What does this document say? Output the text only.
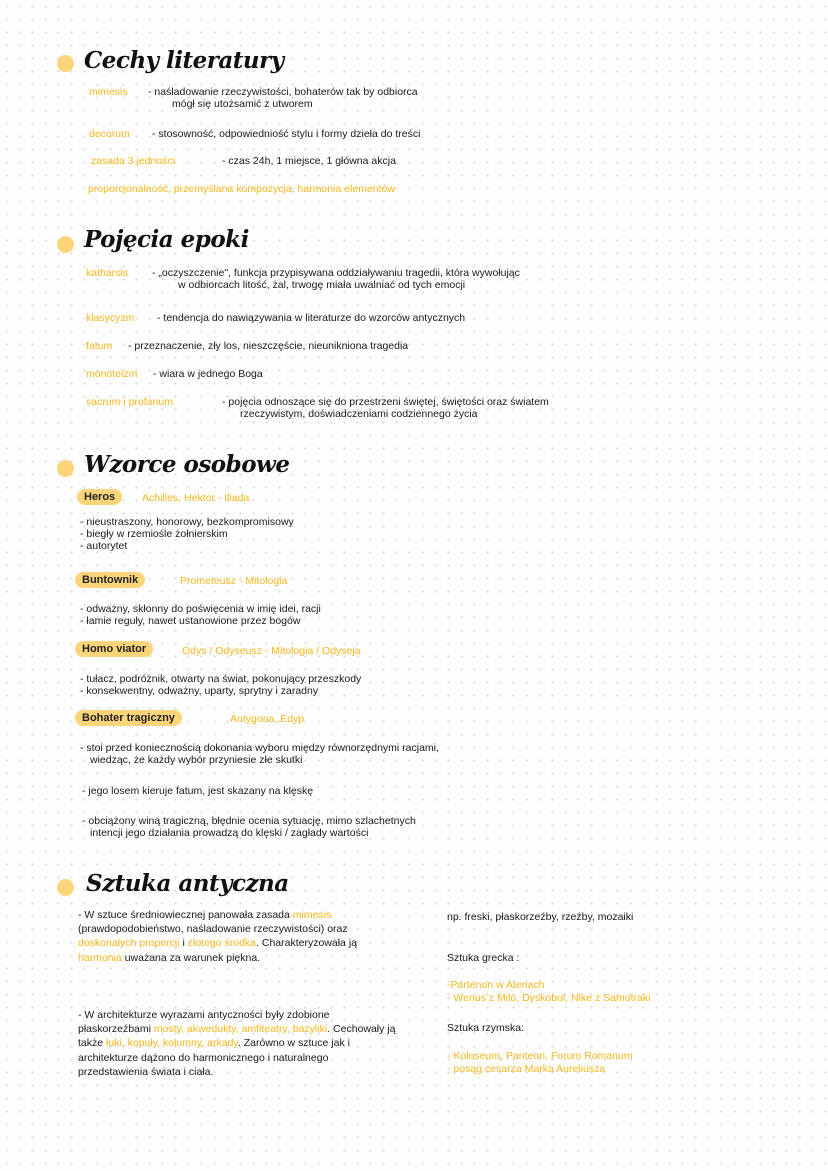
Cechy literatury
mimesis - naśladowanie rzeczywistości, bohaterów tak by odbiorca
mógł się utożsamić z utworem
decorum - stosowność, odpowiedniość stylu i formy dzieła do treści
zasada 3 jedności	- czas 24h, 1 miejsce, 1 główna akcja
proporcjonalność, przemyślana kompozycja, harmonia elementów
Pojęcia epoki
katharsis - „oczyszczenie", funkcja przypisywana oddziaływaniu tragedii, która wywołując
w odbiorcach litość, żal, trwogę miała uwalniać od tych emocji
klasycyzm - tendencja do nawiązywania w literaturze do wzorców antycznych
fatum - przeznaczenie, zły los, nieszczęście, nieunikniona tragedia
monoteizm - wiara w jednego Boga
sacrum i profanum	- pojęcia odnoszące się do przestrzeni świętej, świętości oraz światem
rzeczywistym, doświadczeniami codziennego życia
Wzorce osobowe
Heros	Achilles, Hektor - Iliada
- nieustraszony, honorowy, bezkompromisowy
- biegły w rzemiośle żołnierskim
- autorytet
Buntownik	Prometeusz - Mitologia
- odważny, skłonny do poświęcenia w imię idei, racji
- łamie reguły, nawet ustanowione przez bogów
Homo viator	Odys / Odyseusz - Mitologia / Odyseja
- tułacz, podróżnik, otwarty na świat, pokonujący przeszkody
- konsekwentny, odważny, uparty, sprytny i zaradny
Bohater tragiczny	Antygona, Edyp
- stoi przed koniecznością dokonania wyboru między równorzędnymi racjami,
wiedząc, że każdy wybór przyniesie złe skutki
- jego losem kieruje fatum, jest skazany na klęskę
- obciążony winą tragiczną, błędnie ocenia sytuację, mimo szlachetnych
intencji jego działania prowadzą do klęski / zagłady wartości
Sztuka antyczna
- W sztuce średniowiecznej panowała zasada mimesis (prawdopodobieństwo, naśladowanie rzeczywistości) oraz doskonałych proporcji i złotego środka. Charakteryzowała ją harmonia uważana za warunek piękna.
- W architekturze wyrazami antyczności były zdobione płaskorzeźbami mosty, akwedukty, amfiteatry, bazyliki. Cechowały ją także łuki, kopuły, kolumny, arkady. Zarówno w sztuce jak i architekturze dążono do harmonicznego i naturalnego przedstawienia świata i ciała.
np. freski, płaskorzeźby, rzeźby, mozaiki
Sztuka grecka :
-Partenon w Atenach
- Wenus z Milo, Dyskobol, Nike z Samotraki
Sztuka rzymska:
- Koloseum, Panteon, Forum Romanum
- posąg cesarza Marka Aureliusza
